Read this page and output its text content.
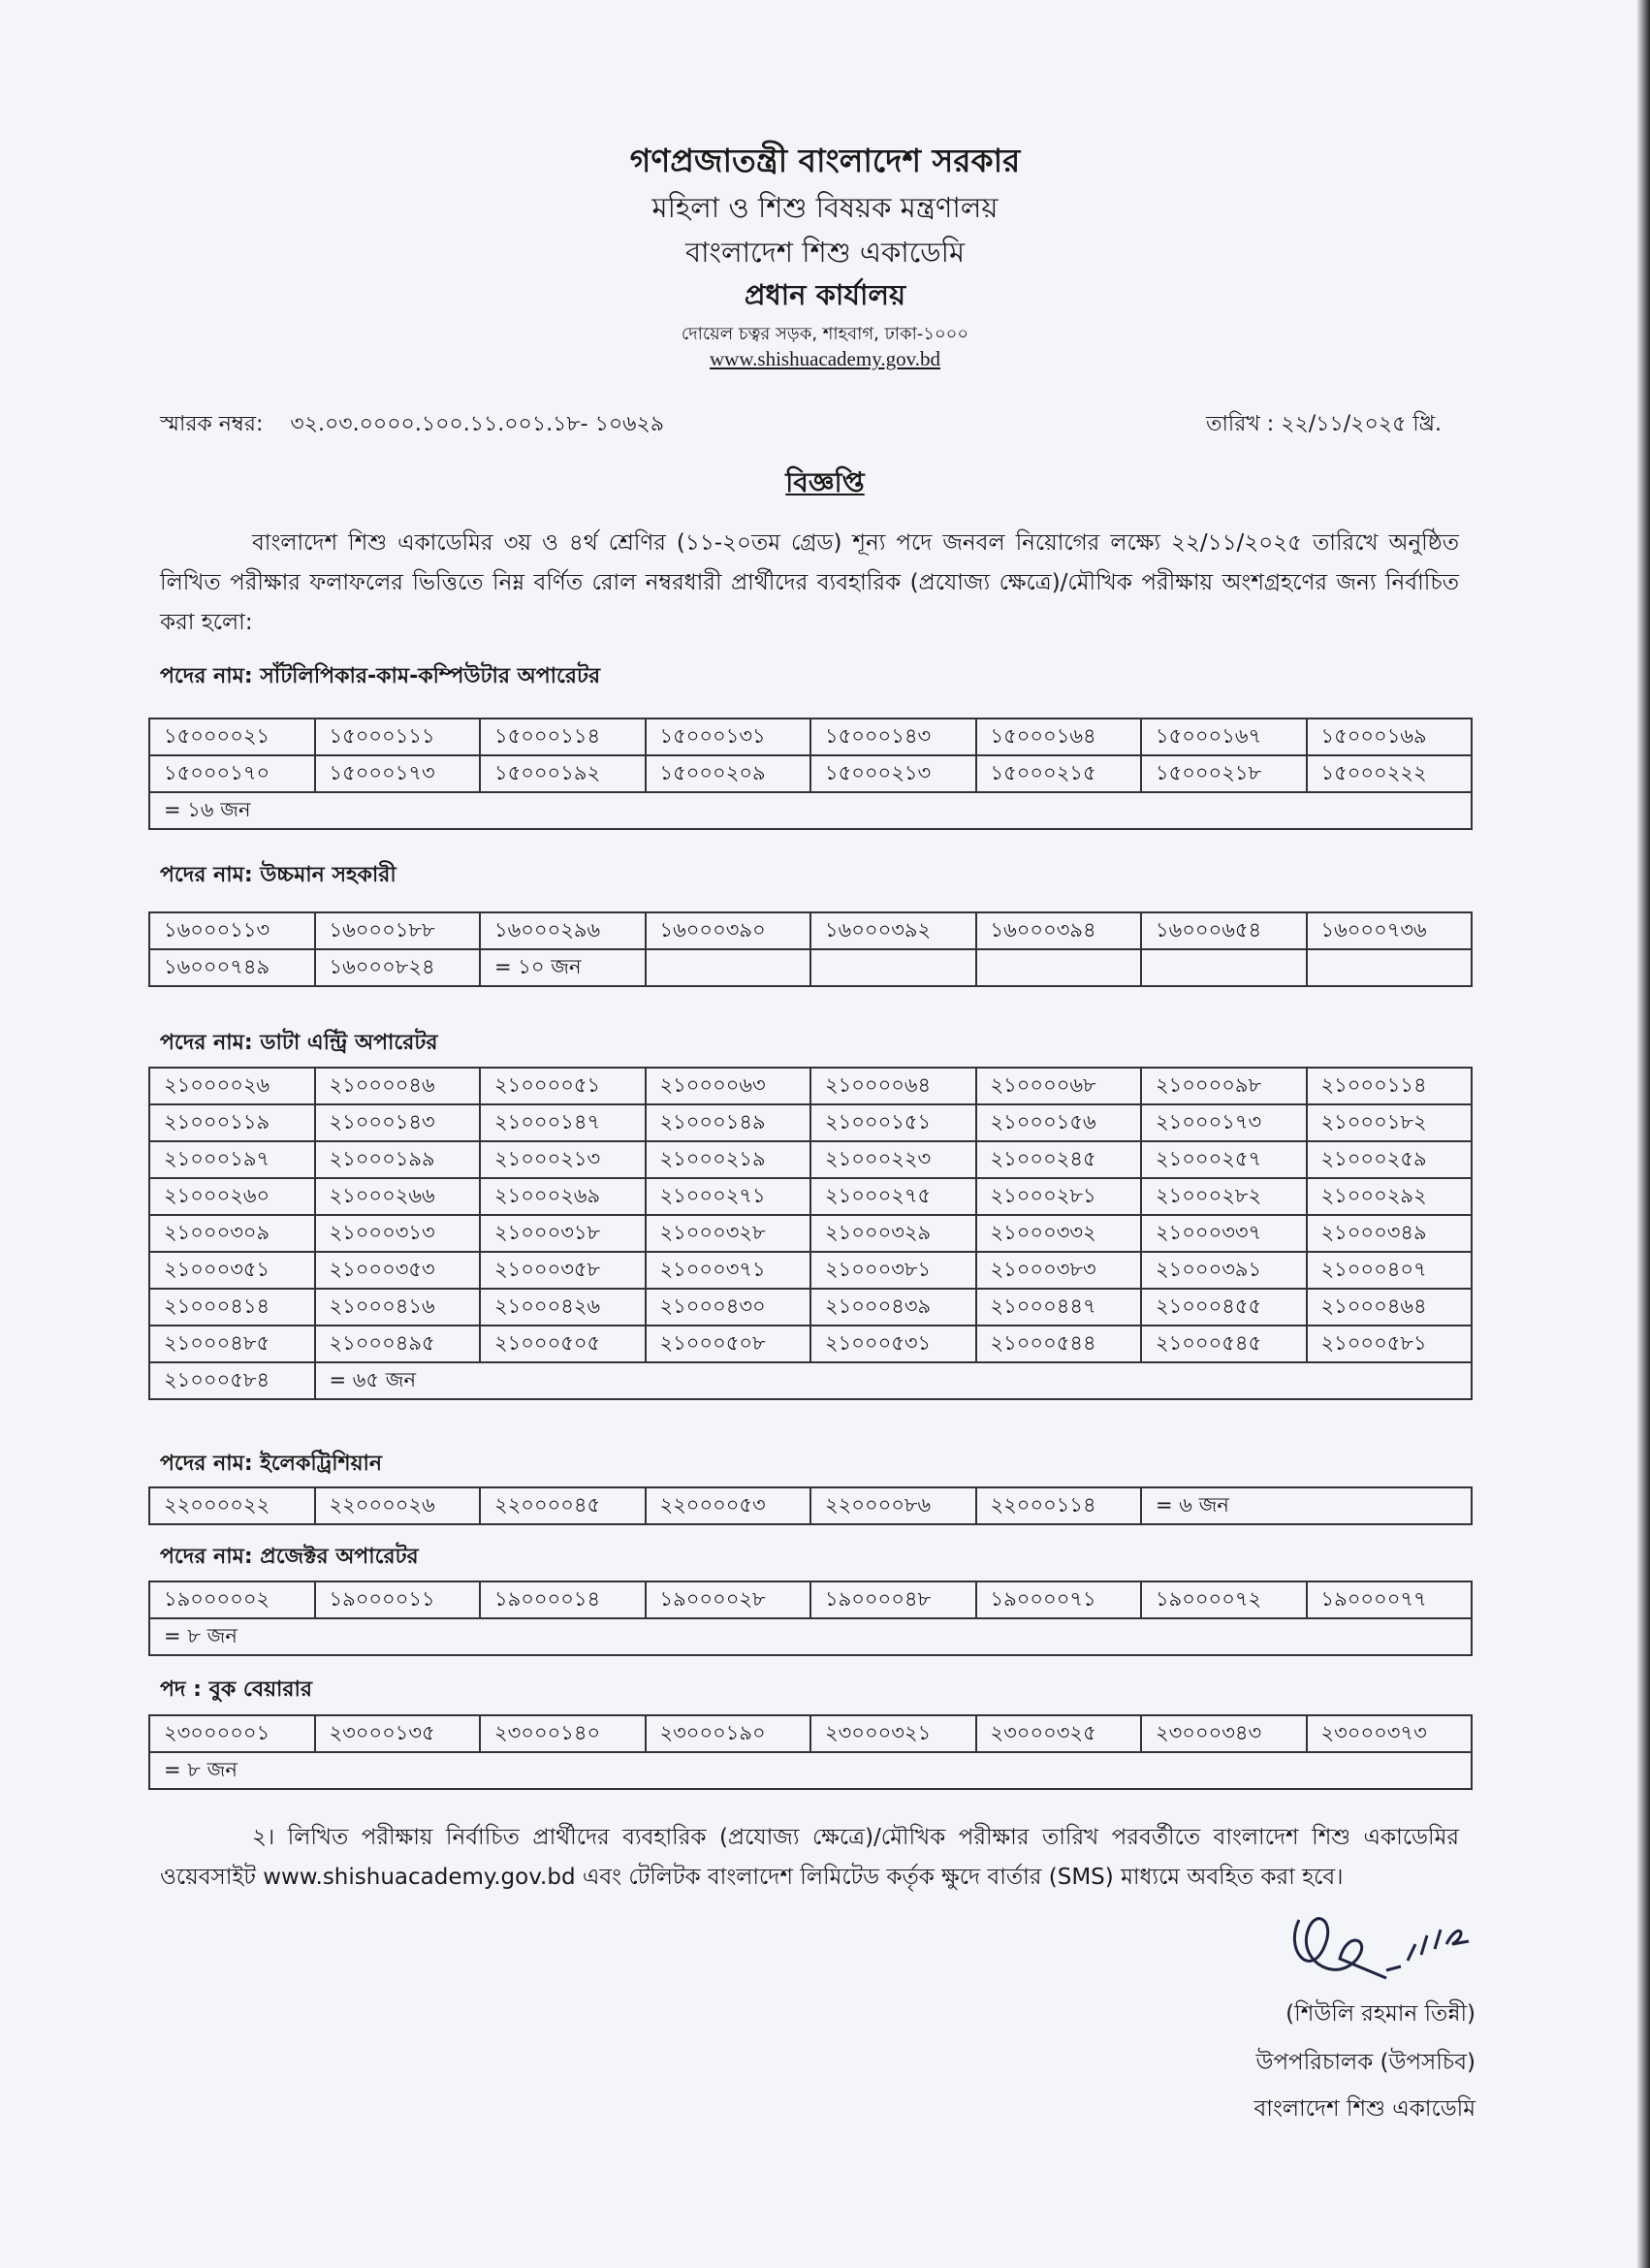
গণপ্রজাতন্ত্রী বাংলাদেশ সরকার
মহিলা ও শিশু বিষয়ক মন্ত্রণালয়
বাংলাদেশ শিশু একাডেমি
প্রধান কার্যালয়
দোয়েল চত্বর সড়ক, শাহবাগ, ঢাকা-১০০০
www.shishuacademy.gov.bd
স্মারক নম্বর: ৩২.০৩.০০০০.১০০.১১.০০১.১৮- ১০৬২৯	তারিখ : ২২/১১/২০২৫ খ্রি.
বিজ্ঞপ্তি
বাংলাদেশ শিশু একাডেমির ৩য় ও ৪র্থ শ্রেণির (১১-২০তম গ্রেড) শূন্য পদে জনবল নিয়োগের লক্ষ্যে ২২/১১/২০২৫ তারিখে অনুষ্ঠিত লিখিত পরীক্ষার ফলাফলের ভিত্তিতে নিম্ন বর্ণিত রোল নম্বরধারী প্রার্থীদের ব্যবহারিক (প্রযোজ্য ক্ষেত্রে)/মৌখিক পরীক্ষায় অংশগ্রহণের জন্য নির্বাচিত করা হলো:
পদের নাম: সাঁটলিপিকার-কাম-কম্পিউটার অপারেটর
১৫০০০০২১	১৫০০০১১১	১৫০০০১১৪	১৫০০০১৩১	১৫০০০১৪৩	১৫০০০১৬৪	১৫০০০১৬৭	১৫০০০১৬৯
১৫০০০১৭০	১৫০০০১৭৩	১৫০০০১৯২	১৫০০০২০৯	১৫০০০২১৩	১৫০০০২১৫	১৫০০০২১৮	১৫০০০২২২
= ১৬ জন							
পদের নাম: উচ্চমান সহকারী
১৬০০০১১৩	১৬০০০১৮৮	১৬০০০২৯৬	১৬০০০৩৯০	১৬০০০৩৯২	১৬০০০৩৯৪	১৬০০০৬৫৪	১৬০০০৭৩৬
১৬০০০৭৪৯	১৬০০০৮২৪	= ১০ জন					
পদের নাম: ডাটা এন্ট্রি অপারেটর
২১০০০০২৬	২১০০০০৪৬	২১০০০০৫১	২১০০০০৬৩	২১০০০০৬৪	২১০০০০৬৮	২১০০০০৯৮	২১০০০১১৪
২১০০০১১৯	২১০০০১৪৩	২১০০০১৪৭	২১০০০১৪৯	২১০০০১৫১	২১০০০১৫৬	২১০০০১৭৩	২১০০০১৮২
২১০০০১৯৭	২১০০০১৯৯	২১০০০২১৩	২১০০০২১৯	২১০০০২২৩	২১০০০২৪৫	২১০০০২৫৭	২১০০০২৫৯
২১০০০২৬০	২১০০০২৬৬	২১০০০২৬৯	২১০০০২৭১	২১০০০২৭৫	২১০০০২৮১	২১০০০২৮২	২১০০০২৯২
২১০০০৩০৯	২১০০০৩১৩	২১০০০৩১৮	২১০০০৩২৮	২১০০০৩২৯	২১০০০৩৩২	২১০০০৩৩৭	২১০০০৩৪৯
২১০০০৩৫১	২১০০০৩৫৩	২১০০০৩৫৮	২১০০০৩৭১	২১০০০৩৮১	২১০০০৩৮৩	২১০০০৩৯১	২১০০০৪০৭
২১০০০৪১৪	২১০০০৪১৬	২১০০০৪২৬	২১০০০৪৩০	২১০০০৪৩৯	২১০০০৪৪৭	২১০০০৪৫৫	২১০০০৪৬৪
২১০০০৪৮৫	২১০০০৪৯৫	২১০০০৫০৫	২১০০০৫০৮	২১০০০৫৩১	২১০০০৫৪৪	২১০০০৫৪৫	২১০০০৫৮১
২১০০০৫৮৪	= ৬৫ জন						
পদের নাম: ইলেকট্রিশিয়ান
২২০০০০২২	২২০০০০২৬	২২০০০০৪৫	২২০০০০৫৩	২২০০০০৮৬	২২০০০১১৪	= ৬ জন
পদের নাম: প্রজেক্টর অপারেটর
১৯০০০০০২	১৯০০০০১১	১৯০০০০১৪	১৯০০০০২৮	১৯০০০০৪৮	১৯০০০০৭১	১৯০০০০৭২	১৯০০০০৭৭
= ৮ জন
পদ : বুক বেয়ারার
২৩০০০০০১	২৩০০০১৩৫	২৩০০০১৪০	২৩০০০১৯০	২৩০০০৩২১	২৩০০০৩২৫	২৩০০০৩৪৩	২৩০০০৩৭৩
= ৮ জন
২। লিখিত পরীক্ষায় নির্বাচিত প্রার্থীদের ব্যবহারিক (প্রযোজ্য ক্ষেত্রে)/মৌখিক পরীক্ষার তারিখ পরবর্তীতে বাংলাদেশ শিশু একাডেমির ওয়েবসাইট www.shishuacademy.gov.bd এবং টেলিটক বাংলাদেশ লিমিটেড কর্তৃক ক্ষুদে বার্তার (SMS) মাধ্যমে অবহিত করা হবে।
(শিউলি রহমান তিন্নী)
উপপরিচালক (উপসচিব)
বাংলাদেশ শিশু একাডেমি
